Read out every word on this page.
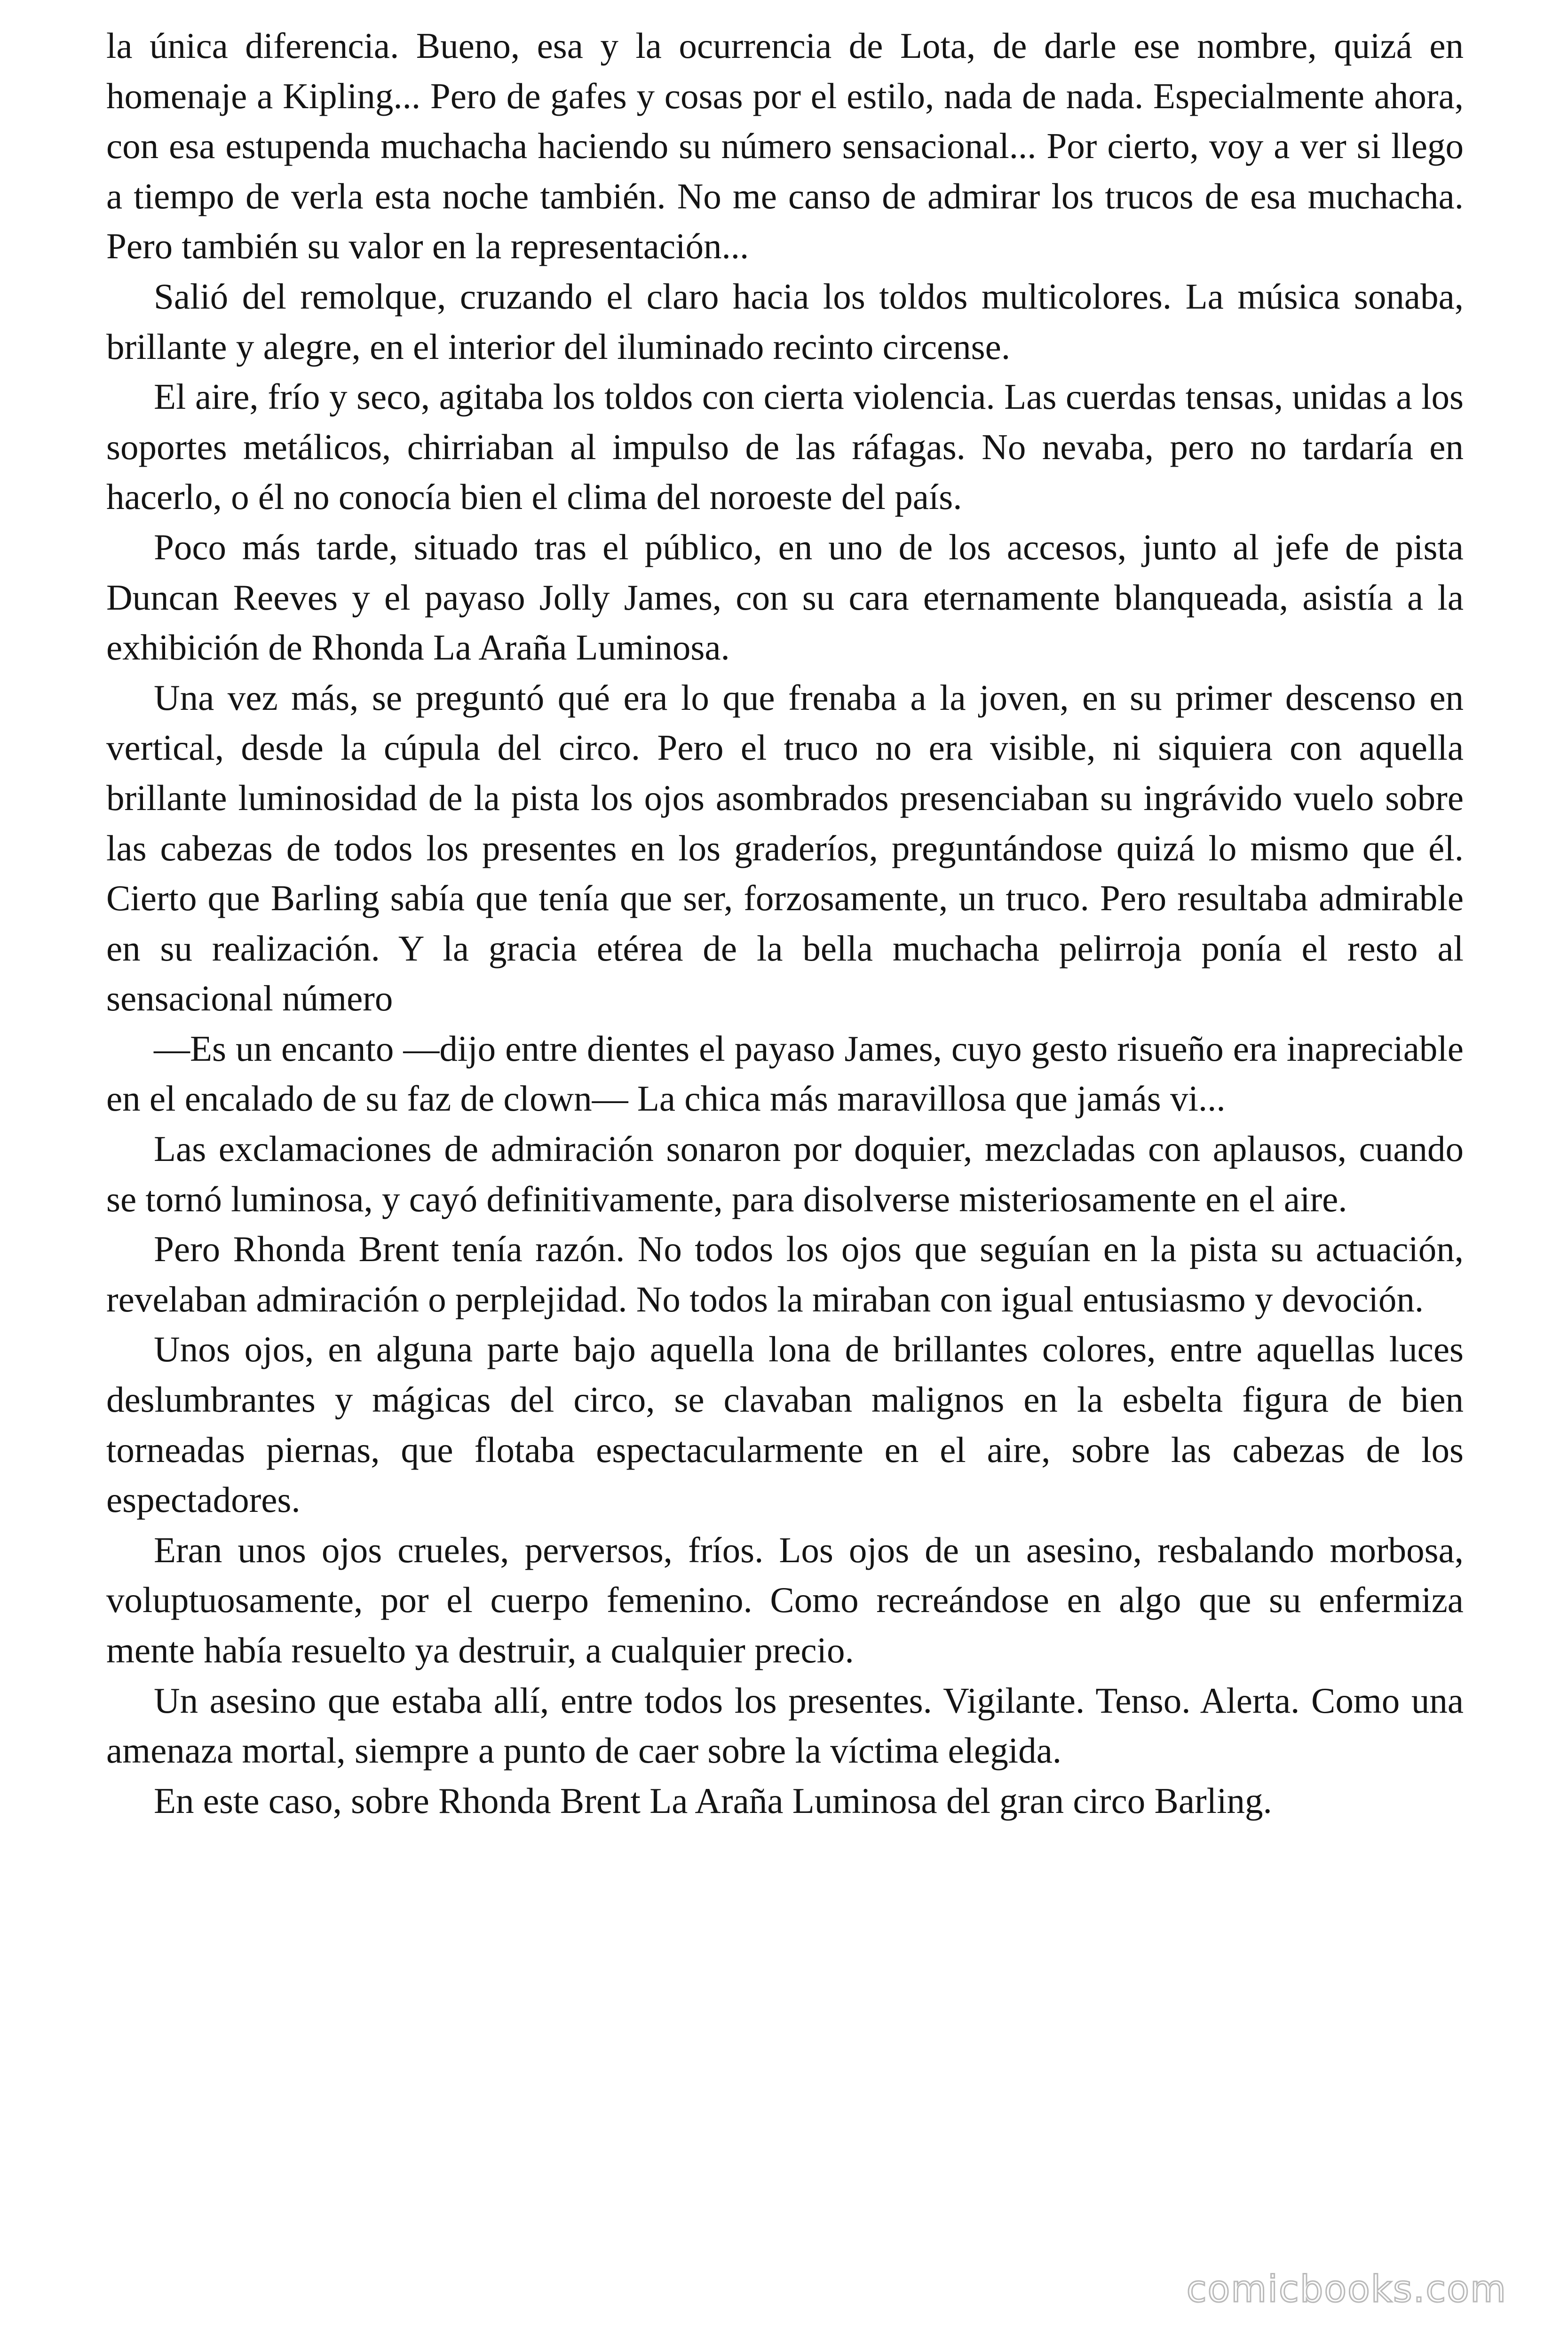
la única diferencia. Bueno, esa y la ocurrencia de Lota, de darle ese nombre, quizá en homenaje a Kipling... Pero de gafes y cosas por el estilo, nada de nada. Especialmente ahora, con esa estupenda muchacha haciendo su número sensacional... Por cierto, voy a ver si llego a tiempo de verla esta noche también. No me canso de admirar los trucos de esa muchacha. Pero también su valor en la representación...

Salió del remolque, cruzando el claro hacia los toldos multicolores. La música sonaba, brillante y alegre, en el interior del iluminado recinto circense.

El aire, frío y seco, agitaba los toldos con cierta violencia. Las cuerdas tensas, unidas a los soportes metálicos, chirriaban al impulso de las ráfagas. No nevaba, pero no tardaría en hacerlo, o él no conocía bien el clima del noroeste del país.

Poco más tarde, situado tras el público, en uno de los accesos, junto al jefe de pista Duncan Reeves y el payaso Jolly James, con su cara eternamente blanqueada, asistía a la exhibición de Rhonda La Araña Luminosa.

Una vez más, se preguntó qué era lo que frenaba a la joven, en su primer descenso en vertical, desde la cúpula del circo. Pero el truco no era visible, ni siquiera con aquella brillante luminosidad de la pista los ojos asombrados presenciaban su ingrávido vuelo sobre las cabezas de todos los presentes en los graderíos, preguntándose quizá lo mismo que él. Cierto que Barling sabía que tenía que ser, forzosamente, un truco. Pero resultaba admirable en su realización. Y la gracia etérea de la bella muchacha pelirroja ponía el resto al sensacional número

—Es un encanto —dijo entre dientes el payaso James, cuyo gesto risueño era inapreciable en el encalado de su faz de clown— La chica más maravillosa que jamás vi...

Las exclamaciones de admiración sonaron por doquier, mezcladas con aplausos, cuando se tornó luminosa, y cayó definitivamente, para disolverse misteriosamente en el aire.

Pero Rhonda Brent tenía razón. No todos los ojos que seguían en la pista su actuación, revelaban admiración o perplejidad. No todos la miraban con igual entusiasmo y devoción.

Unos ojos, en alguna parte bajo aquella lona de brillantes colores, entre aquellas luces deslumbrantes y mágicas del circo, se clavaban malignos en la esbelta figura de bien torneadas piernas, que flotaba espectacularmente en el aire, sobre las cabezas de los espectadores.

Eran unos ojos crueles, perversos, fríos. Los ojos de un asesino, resbalando morbosa, voluptuosamente, por el cuerpo femenino. Como recreándose en algo que su enfermiza mente había resuelto ya destruir, a cualquier precio.

Un asesino que estaba allí, entre todos los presentes. Vigilante. Tenso. Alerta. Como una amenaza mortal, siempre a punto de caer sobre la víctima elegida.

En este caso, sobre Rhonda Brent La Araña Luminosa del gran circo Barling.

comicbooks.com
